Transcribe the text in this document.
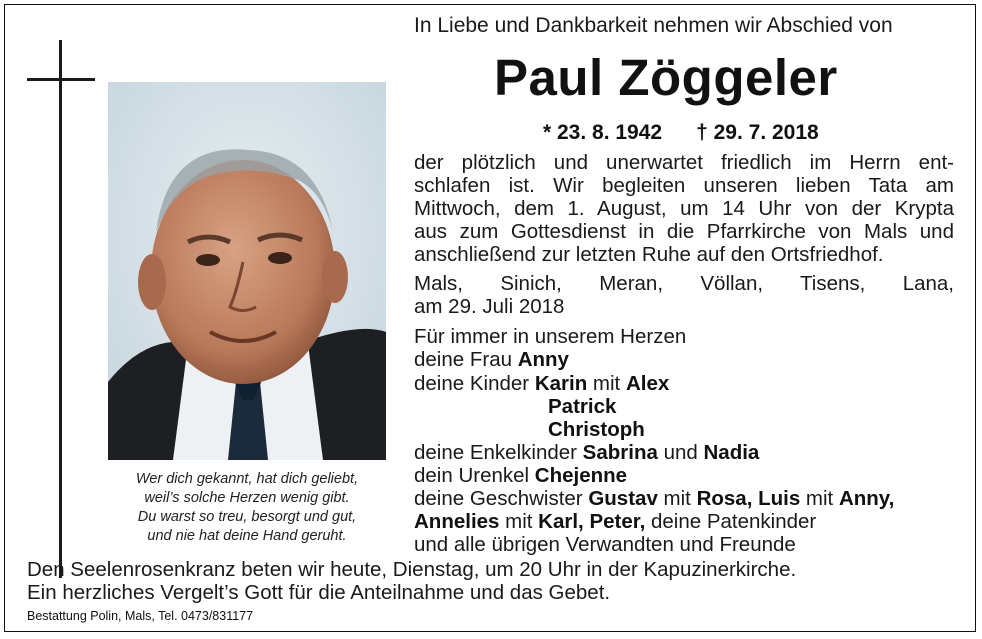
Wer dich gekannt, hat dich geliebt,
weil’s solche Herzen wenig gibt.
Du warst so treu, besorgt und gut,
und nie hat deine Hand geruht.
In Liebe und Dankbarkeit nehmen wir Abschied von
Paul Zöggeler
* 23. 8. 1942 † 29. 7. 2018
der plötzlich und unerwartet friedlich im Herrn ent-
schlafen ist. Wir begleiten unseren lieben Tata am
Mittwoch, dem 1. August, um 14 Uhr von der Krypta
aus zum Gottesdienst in die Pfarrkirche von Mals und
anschließend zur letzten Ruhe auf den Ortsfriedhof.
Mals, Sinich, Meran, Völlan, Tisens, Lana,
am 29. Juli 2018
Für immer in unserem Herzen
deine Frau Anny
deine Kinder Karin mit Alex
Patrick
Christoph
deine Enkelkinder Sabrina und Nadia
dein Urenkel Chejenne
deine Geschwister Gustav mit Rosa, Luis mit Anny,
Annelies mit Karl, Peter, deine Patenkinder
und alle übrigen Verwandten und Freunde
Den Seelenrosenkranz beten wir heute, Dienstag, um 20 Uhr in der Kapuzinerkirche.
Ein herzliches Vergelt’s Gott für die Anteilnahme und das Gebet.
Bestattung Polin, Mals, Tel. 0473/831177
